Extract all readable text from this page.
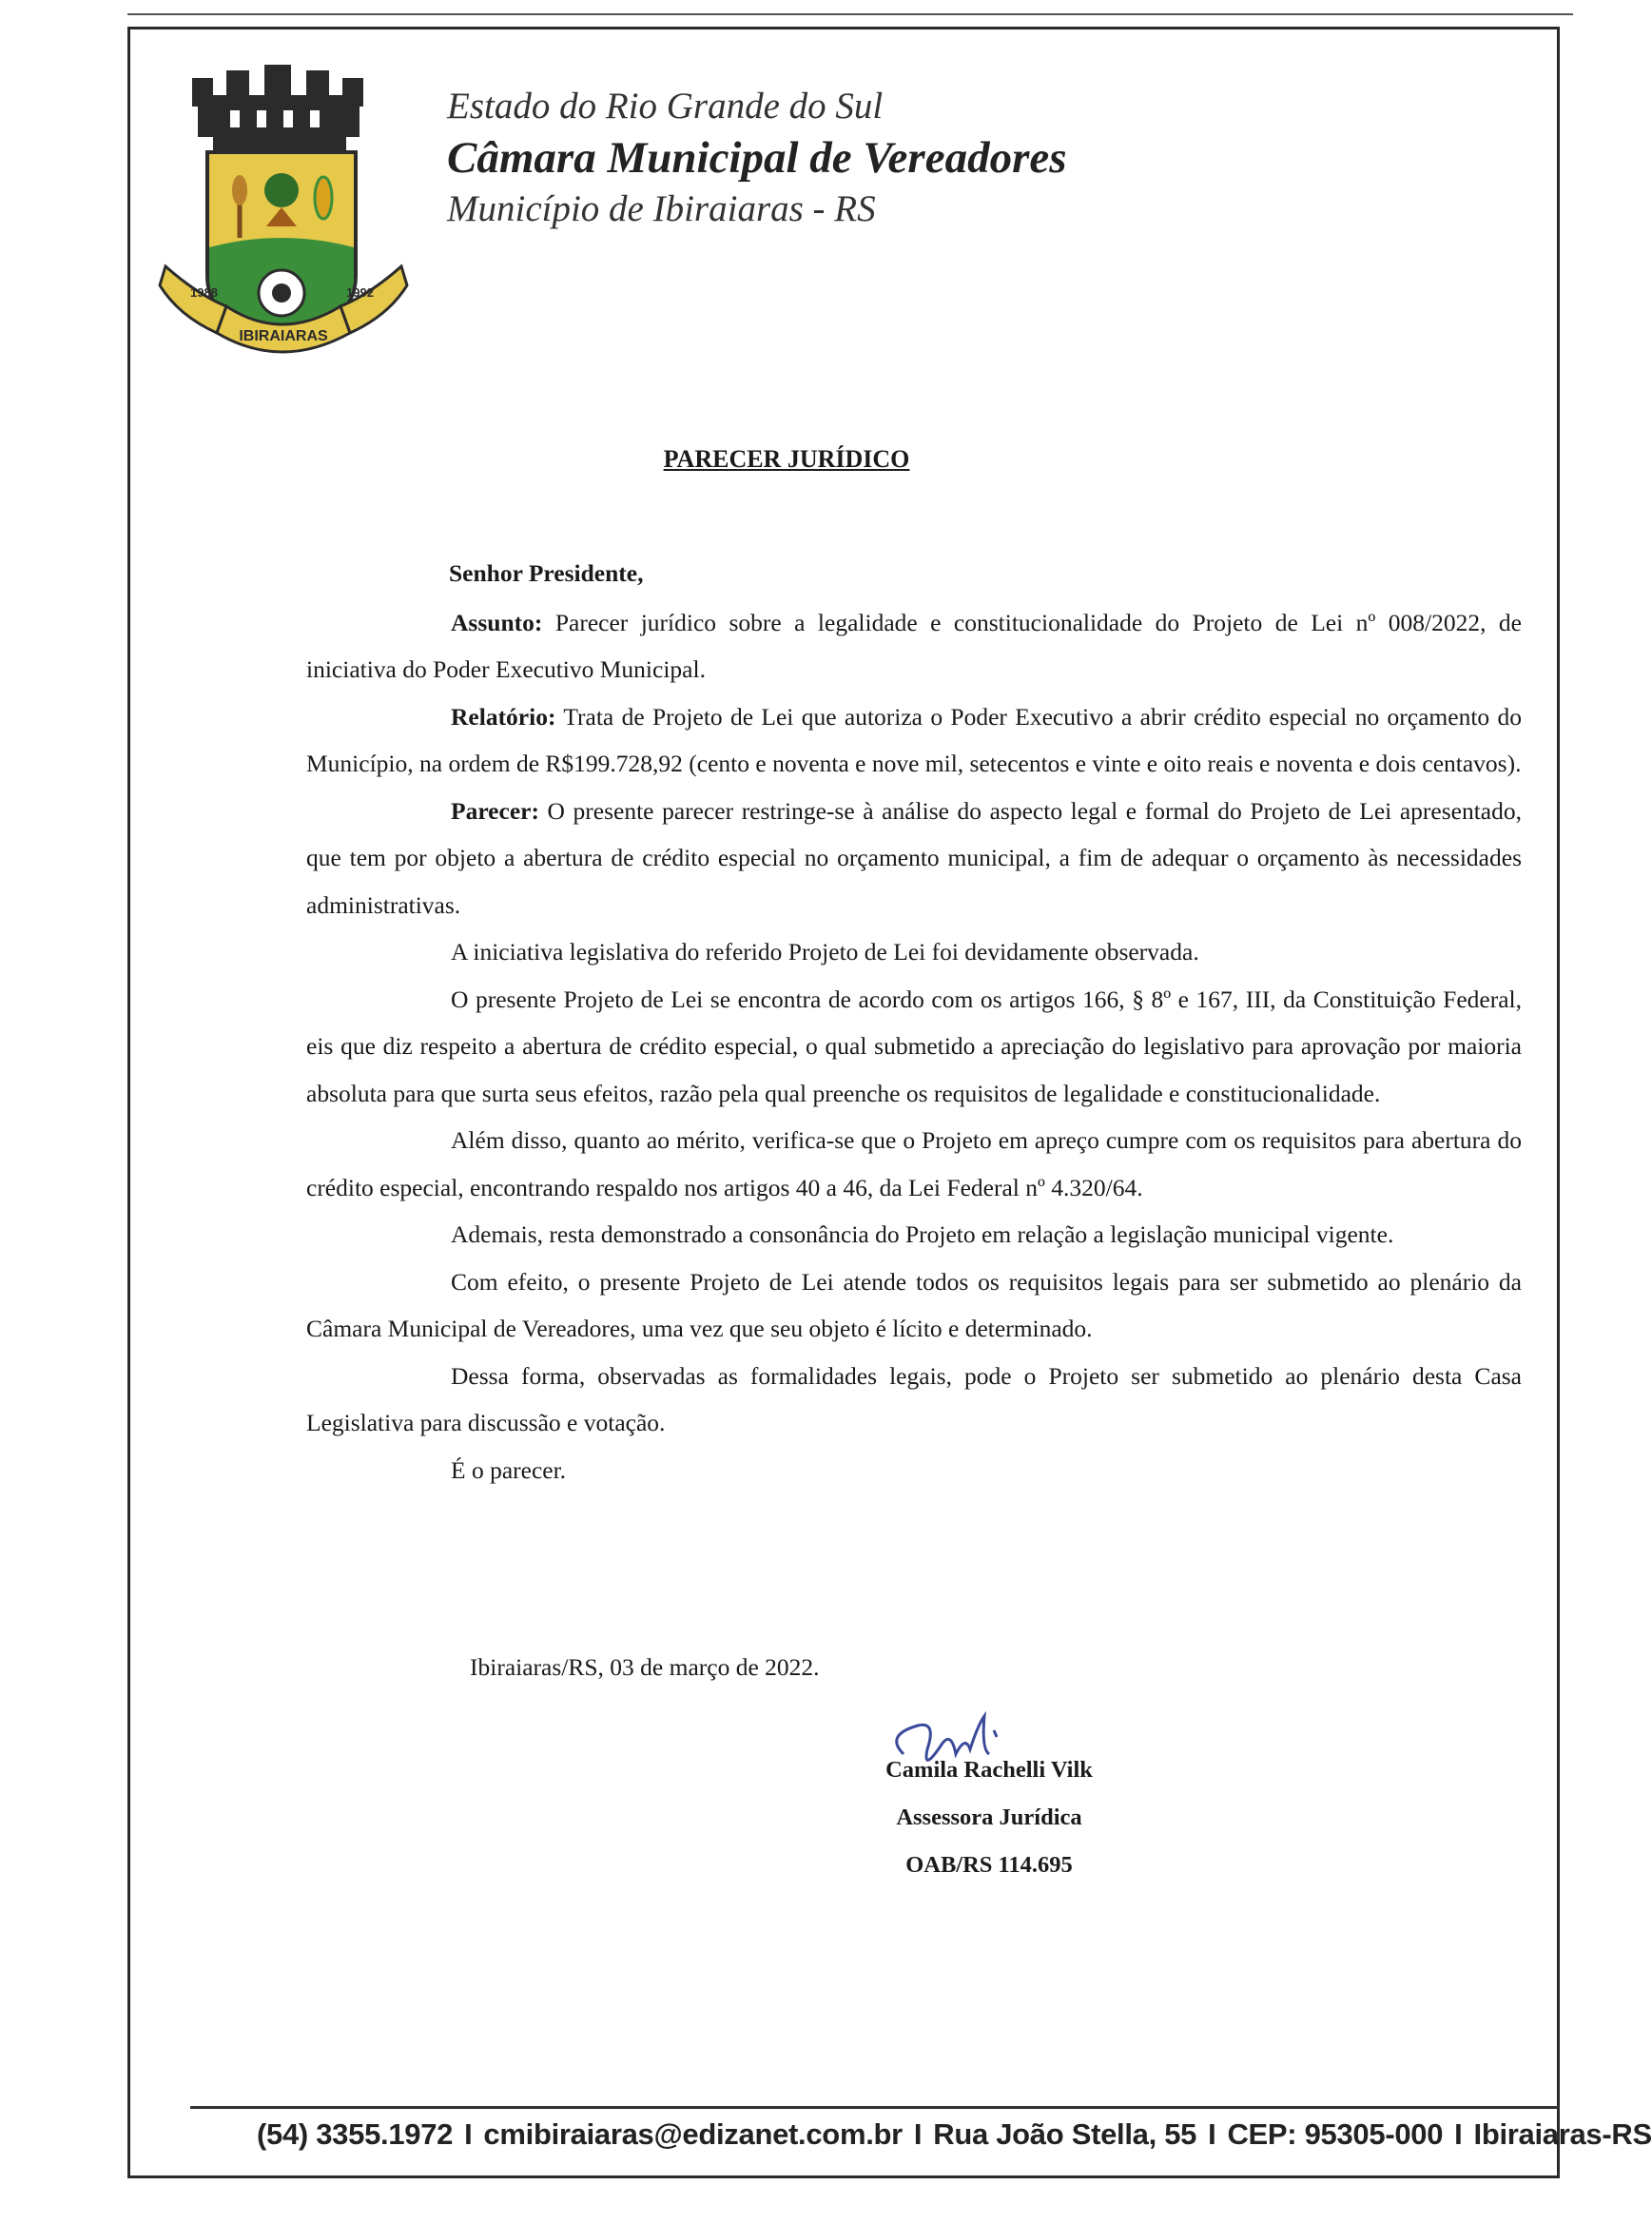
IBIRAIARAS
1988	1992
Estado do Rio Grande do Sul
Câmara Municipal de Vereadores
Município de Ibiraiaras - RS
PARECER JURÍDICO

Senhor Presidente,

Assunto: Parecer jurídico sobre a legalidade e constitucionalidade do Projeto de Lei nº 008/2022, de iniciativa do Poder Executivo Municipal.

Relatório: Trata de Projeto de Lei que autoriza o Poder Executivo a abrir crédito especial no orçamento do Município, na ordem de R$199.728,92 (cento e noventa e nove mil, setecentos e vinte e oito reais e noventa e dois centavos).

Parecer: O presente parecer restringe-se à análise do aspecto legal e formal do Projeto de Lei apresentado, que tem por objeto a abertura de crédito especial no orçamento municipal, a fim de adequar o orçamento às necessidades administrativas.

A iniciativa legislativa do referido Projeto de Lei foi devidamente observada.

O presente Projeto de Lei se encontra de acordo com os artigos 166, § 8º e 167, III, da Constituição Federal, eis que diz respeito a abertura de crédito especial, o qual submetido a apreciação do legislativo para aprovação por maioria absoluta para que surta seus efeitos, razão pela qual preenche os requisitos de legalidade e constitucionalidade.

Além disso, quanto ao mérito, verifica-se que o Projeto em apreço cumpre com os requisitos para abertura do crédito especial, encontrando respaldo nos artigos 40 a 46, da Lei Federal nº 4.320/64.

Ademais, resta demonstrado a consonância do Projeto em relação a legislação municipal vigente.

Com efeito, o presente Projeto de Lei atende todos os requisitos legais para ser submetido ao plenário da Câmara Municipal de Vereadores, uma vez que seu objeto é lícito e determinado.

Dessa forma, observadas as formalidades legais, pode o Projeto ser submetido ao plenário desta Casa Legislativa para discussão e votação.

É o parecer.

Ibiraiaras/RS, 03 de março de 2022.
Camila Rachelli Vilk
Assessora Jurídica
OAB/RS 114.695
(54) 3355.1972 I cmibiraiaras@edizanet.com.br I Rua João Stella, 55 I CEP: 95305-000 I Ibiraiaras-RS
